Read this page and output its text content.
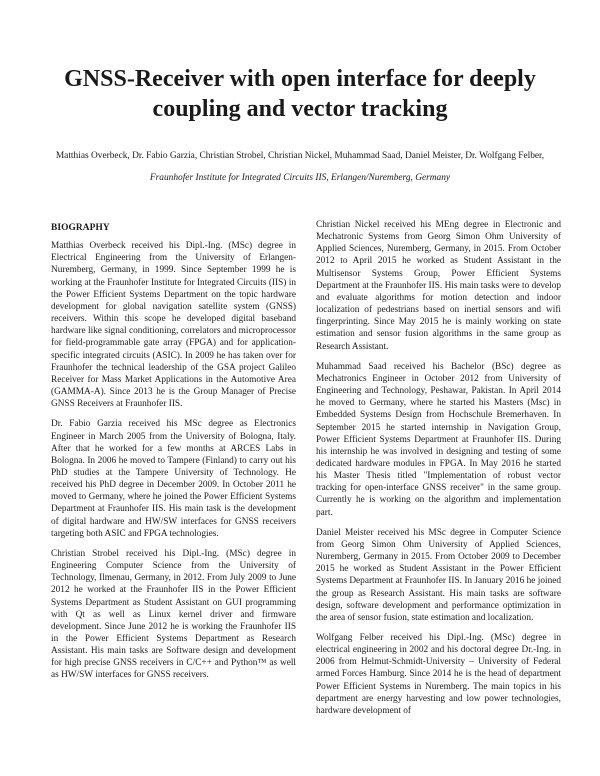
GNSS-Receiver with open interface for deeply coupling and vector tracking
Matthias Overbeck, Dr. Fabio Garzia, Christian Strobel, Christian Nickel, Muhammad Saad, Daniel Meister, Dr. Wolfgang Felber,
Fraunhofer Institute for Integrated Circuits IIS, Erlangen/Nuremberg, Germany
BIOGRAPHY

Matthias Overbeck received his Dipl.-Ing. (MSc) degree in Electrical Engineering from the University of Erlangen-Nuremberg, Germany, in 1999. Since September 1999 he is working at the Fraunhofer Institute for Integrated Circuits (IIS) in the Power Efficient Systems Department on the topic hardware development for global navigation satellite system (GNSS) receivers. Within this scope he developed digital baseband hardware like signal conditioning, correlators and microprocessor for field-programmable gate array (FPGA) and for application-specific integrated circuits (ASIC). In 2009 he has taken over for Fraunhofer the technical leadership of the GSA project Galileo Receiver for Mass Market Applications in the Automotive Area (GAMMA-A). Since 2013 he is the Group Manager of Precise GNSS Receivers at Fraunhofer IIS.

Dr. Fabio Garzia received his MSc degree as Electronics Engineer in March 2005 from the University of Bologna, Italy. After that he worked for a few months at ARCES Labs in Bologna. In 2006 he moved to Tampere (Finland) to carry out his PhD studies at the Tampere University of Technology. He received his PhD degree in December 2009. In October 2011 he moved to Germany, where he joined the Power Efficient Systems Department at Fraunhofer IIS. His main task is the development of digital hardware and HW/SW interfaces for GNSS receivers targeting both ASIC and FPGA technologies.

Christian Strobel received his Dipl.-Ing. (MSc) degree in Engineering Computer Science from the University of Technology, Ilmenau, Germany, in 2012. From July 2009 to June 2012 he worked at the Fraunhofer IIS in the Power Efficient Systems Department as Student Assistant on GUI programming with Qt as well as Linux kernel driver and firmware development. Since June 2012 he is working the Fraunhofer IIS in the Power Efficient Systems Department as Research Assistant. His main tasks are Software design and development for high precise GNSS receivers in C/C++ and Python™ as well as HW/SW interfaces for GNSS receivers.

Christian Nickel received his MEng degree in Electronic and Mechatronic Systems from Georg Simon Ohm University of Applied Sciences, Nuremberg, Germany, in 2015. From October 2012 to April 2015 he worked as Student Assistant in the Multisensor Systems Group, Power Efficient Systems Department at the Fraunhofer IIS. His main tasks were to develop and evaluate algorithms for motion detection and indoor localization of pedestrians based on inertial sensors and wifi fingerprinting. Since May 2015 he is mainly working on state estimation and sensor fusion algorithms in the same group as Research Assistant.

Muhammad Saad received his Bachelor (BSc) degree as Mechatronics Engineer in October 2012 from University of Engineering and Technology, Peshawar, Pakistan. In April 2014 he moved to Germany, where he started his Masters (Msc) in Embedded Systems Design from Hochschule Bremerhaven. In September 2015 he started internship in Navigation Group, Power Efficient Systems Department at Fraunhofer IIS. During his internship he was involved in designing and testing of some dedicated hardware modules in FPGA. In May 2016 he started his Master Thesis titled "Implementation of robust vector tracking for open-interface GNSS receiver" in the same group. Currently he is working on the algorithm and implementation part.

Daniel Meister received his MSc degree in Computer Science from Georg Simon Ohm University of Applied Sciences, Nuremberg, Germany in 2015. From October 2009 to December 2015 he worked as Student Assistant in the Power Efficient Systems Department at Fraunhofer IIS. In January 2016 he joined the group as Research Assistant. His main tasks are software design, software development and performance optimization in the area of sensor fusion, state estimation and localization.

Wolfgang Felber received his Dipl.-Ing. (MSc) degree in electrical engineering in 2002 and his doctoral degree Dr.-Ing. in 2006 from Helmut-Schmidt-University – University of Federal armed Forces Hamburg. Since 2014 he is the head of department Power Efficient Systems in Nuremberg. The main topics in his department are energy harvesting and low power technologies, hardware development of
